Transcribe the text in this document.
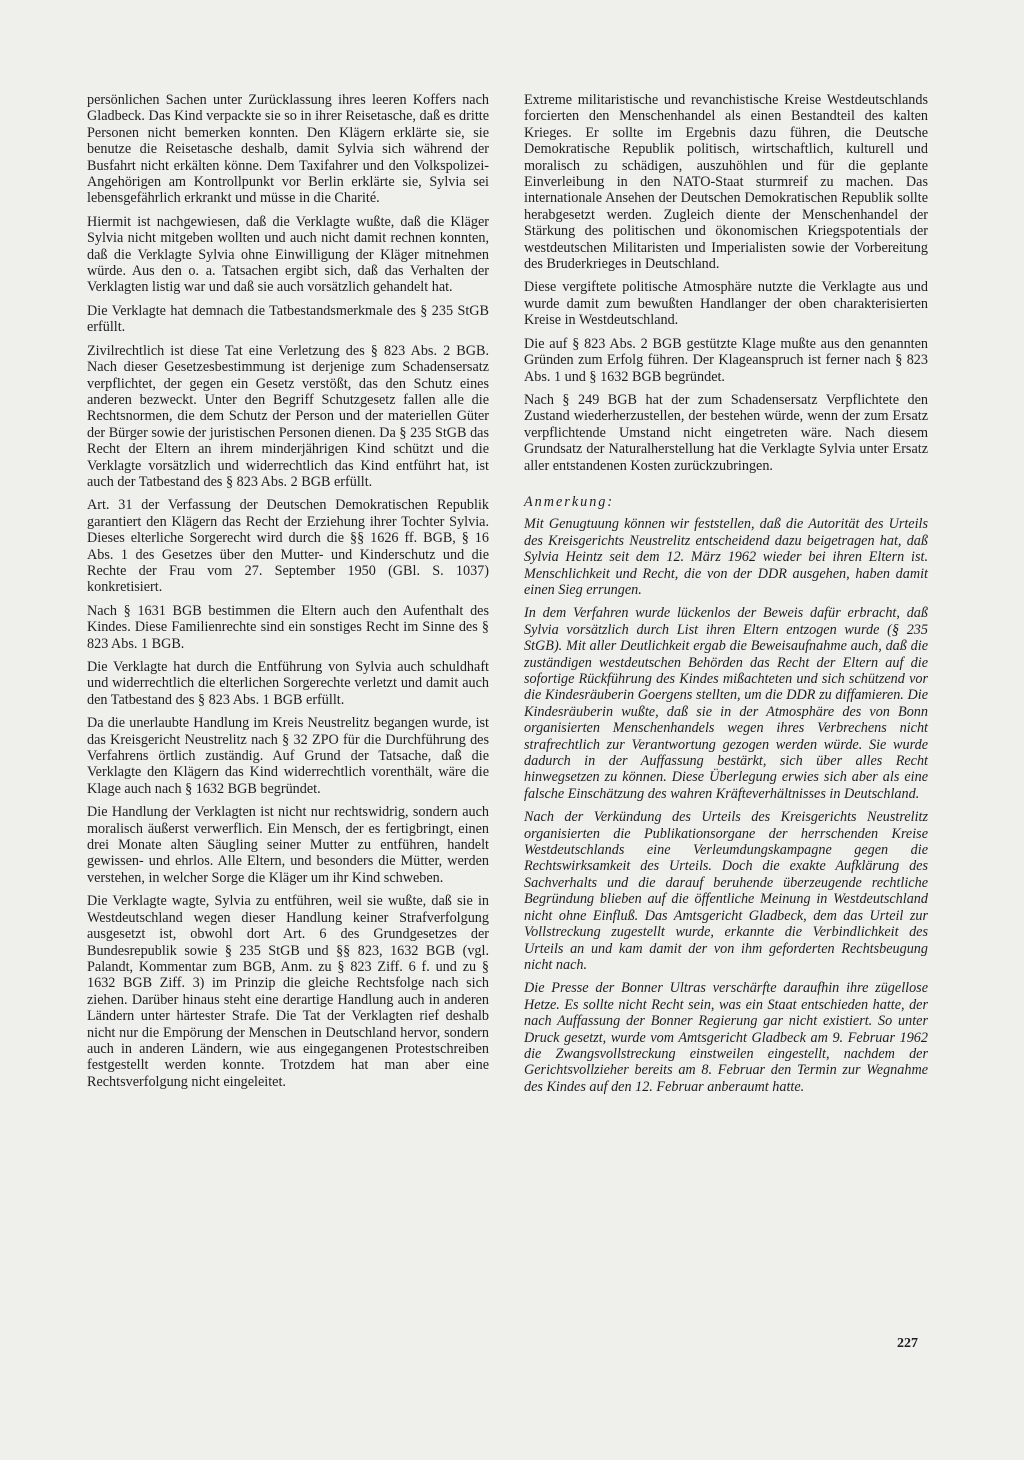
persönlichen Sachen unter Zurücklassung ihres leeren Koffers nach Gladbeck. Das Kind verpackte sie so in ihrer Reisetasche, daß es dritte Personen nicht bemerken konnten. Den Klägern erklärte sie, sie benutze die Reisetasche deshalb, damit Sylvia sich während der Busfahrt nicht erkälten könne. Dem Taxifahrer und den Volkspolizei-Angehörigen am Kontrollpunkt vor Berlin erklärte sie, Sylvia sei lebensgefährlich erkrankt und müsse in die Charité.

Hiermit ist nachgewiesen, daß die Verklagte wußte, daß die Kläger Sylvia nicht mitgeben wollten und auch nicht damit rechnen konnten, daß die Verklagte Sylvia ohne Einwilligung der Kläger mitnehmen würde. Aus den o. a. Tatsachen ergibt sich, daß das Verhalten der Verklagten listig war und daß sie auch vorsätzlich gehandelt hat.

Die Verklagte hat demnach die Tatbestandsmerkmale des § 235 StGB erfüllt.

Zivilrechtlich ist diese Tat eine Verletzung des § 823 Abs. 2 BGB. Nach dieser Gesetzesbestimmung ist derjenige zum Schadensersatz verpflichtet, der gegen ein Gesetz verstößt, das den Schutz eines anderen bezweckt. Unter den Begriff Schutzgesetz fallen alle die Rechtsnormen, die dem Schutz der Person und der materiellen Güter der Bürger sowie der juristischen Personen dienen. Da § 235 StGB das Recht der Eltern an ihrem minderjährigen Kind schützt und die Verklagte vorsätzlich und widerrechtlich das Kind entführt hat, ist auch der Tatbestand des § 823 Abs. 2 BGB erfüllt.

Art. 31 der Verfassung der Deutschen Demokratischen Republik garantiert den Klägern das Recht der Erziehung ihrer Tochter Sylvia. Dieses elterliche Sorgerecht wird durch die §§ 1626 ff. BGB, § 16 Abs. 1 des Gesetzes über den Mutter- und Kinderschutz und die Rechte der Frau vom 27. September 1950 (GBl. S. 1037) konkretisiert.

Nach § 1631 BGB bestimmen die Eltern auch den Aufenthalt des Kindes. Diese Familienrechte sind ein sonstiges Recht im Sinne des § 823 Abs. 1 BGB.

Die Verklagte hat durch die Entführung von Sylvia auch schuldhaft und widerrechtlich die elterlichen Sorgerechte verletzt und damit auch den Tatbestand des § 823 Abs. 1 BGB erfüllt.

Da die unerlaubte Handlung im Kreis Neustrelitz begangen wurde, ist das Kreisgericht Neustrelitz nach § 32 ZPO für die Durchführung des Verfahrens örtlich zuständig. Auf Grund der Tatsache, daß die Verklagte den Klägern das Kind widerrechtlich vorenthält, wäre die Klage auch nach § 1632 BGB begründet.

Die Handlung der Verklagten ist nicht nur rechtswidrig, sondern auch moralisch äußerst verwerflich. Ein Mensch, der es fertigbringt, einen drei Monate alten Säugling seiner Mutter zu entführen, handelt gewissen- und ehrlos. Alle Eltern, und besonders die Mütter, werden verstehen, in welcher Sorge die Kläger um ihr Kind schweben.

Die Verklagte wagte, Sylvia zu entführen, weil sie wußte, daß sie in Westdeutschland wegen dieser Handlung keiner Strafverfolgung ausgesetzt ist, obwohl dort Art. 6 des Grundgesetzes der Bundesrepublik sowie § 235 StGB und §§ 823, 1632 BGB (vgl. Palandt, Kommentar zum BGB, Anm. zu § 823 Ziff. 6 f. und zu § 1632 BGB Ziff. 3) im Prinzip die gleiche Rechtsfolge nach sich ziehen. Darüber hinaus steht eine derartige Handlung auch in anderen Ländern unter härtester Strafe. Die Tat der Verklagten rief deshalb nicht nur die Empörung der Menschen in Deutschland hervor, sondern auch in anderen Ländern, wie aus eingegangenen Protestschreiben festgestellt werden konnte. Trotzdem hat man aber eine Rechtsverfolgung nicht eingeleitet.

Extreme militaristische und revanchistische Kreise Westdeutschlands forcierten den Menschenhandel als einen Bestandteil des kalten Krieges. Er sollte im Ergebnis dazu führen, die Deutsche Demokratische Republik politisch, wirtschaftlich, kulturell und moralisch zu schädigen, auszuhöhlen und für die geplante Einverleibung in den NATO-Staat sturmreif zu machen. Das internationale Ansehen der Deutschen Demokratischen Republik sollte herabgesetzt werden. Zugleich diente der Menschenhandel der Stärkung des politischen und ökonomischen Kriegspotentials der westdeutschen Militaristen und Imperialisten sowie der Vorbereitung des Bruderkrieges in Deutschland.

Diese vergiftete politische Atmosphäre nutzte die Verklagte aus und wurde damit zum bewußten Handlanger der oben charakterisierten Kreise in Westdeutschland.

Die auf § 823 Abs. 2 BGB gestützte Klage mußte aus den genannten Gründen zum Erfolg führen. Der Klageanspruch ist ferner nach § 823 Abs. 1 und § 1632 BGB begründet.

Nach § 249 BGB hat der zum Schadensersatz Verpflichtete den Zustand wiederherzustellen, der bestehen würde, wenn der zum Ersatz verpflichtende Umstand nicht eingetreten wäre. Nach diesem Grundsatz der Naturalherstellung hat die Verklagte Sylvia unter Ersatz aller entstandenen Kosten zurückzubringen.

Anmerkung:

Mit Genugtuung können wir feststellen, daß die Autorität des Urteils des Kreisgerichts Neustrelitz entscheidend dazu beigetragen hat, daß Sylvia Heintz seit dem 12. März 1962 wieder bei ihren Eltern ist. Menschlichkeit und Recht, die von der DDR ausgehen, haben damit einen Sieg errungen.

In dem Verfahren wurde lückenlos der Beweis dafür erbracht, daß Sylvia vorsätzlich durch List ihren Eltern entzogen wurde (§ 235 StGB). Mit aller Deutlichkeit ergab die Beweisaufnahme auch, daß die zuständigen westdeutschen Behörden das Recht der Eltern auf die sofortige Rückführung des Kindes mißachteten und sich schützend vor die Kindesräuberin Goergens stellten, um die DDR zu diffamieren. Die Kindesräuberin wußte, daß sie in der Atmosphäre des von Bonn organisierten Menschenhandels wegen ihres Verbrechens nicht strafrechtlich zur Verantwortung gezogen werden würde. Sie wurde dadurch in der Auffassung bestärkt, sich über alles Recht hinwegsetzen zu können. Diese Überlegung erwies sich aber als eine falsche Einschätzung des wahren Kräfteverhältnisses in Deutschland.

Nach der Verkündung des Urteils des Kreisgerichts Neustrelitz organisierten die Publikationsorgane der herrschenden Kreise Westdeutschlands eine Verleumdungskampagne gegen die Rechtswirksamkeit des Urteils. Doch die exakte Aufklärung des Sachverhalts und die darauf beruhende überzeugende rechtliche Begründung blieben auf die öffentliche Meinung in Westdeutschland nicht ohne Einfluß. Das Amtsgericht Gladbeck, dem das Urteil zur Vollstreckung zugestellt wurde, erkannte die Verbindlichkeit des Urteils an und kam damit der von ihm geforderten Rechtsbeugung nicht nach.

Die Presse der Bonner Ultras verschärfte daraufhin ihre zügellose Hetze. Es sollte nicht Recht sein, was ein Staat entschieden hatte, der nach Auffassung der Bonner Regierung gar nicht existiert. So unter Druck gesetzt, wurde vom Amtsgericht Gladbeck am 9. Februar 1962 die Zwangsvollstreckung einstweilen eingestellt, nachdem der Gerichtsvollzieher bereits am 8. Februar den Termin zur Wegnahme des Kindes auf den 12. Februar anberaumt hatte.

227
